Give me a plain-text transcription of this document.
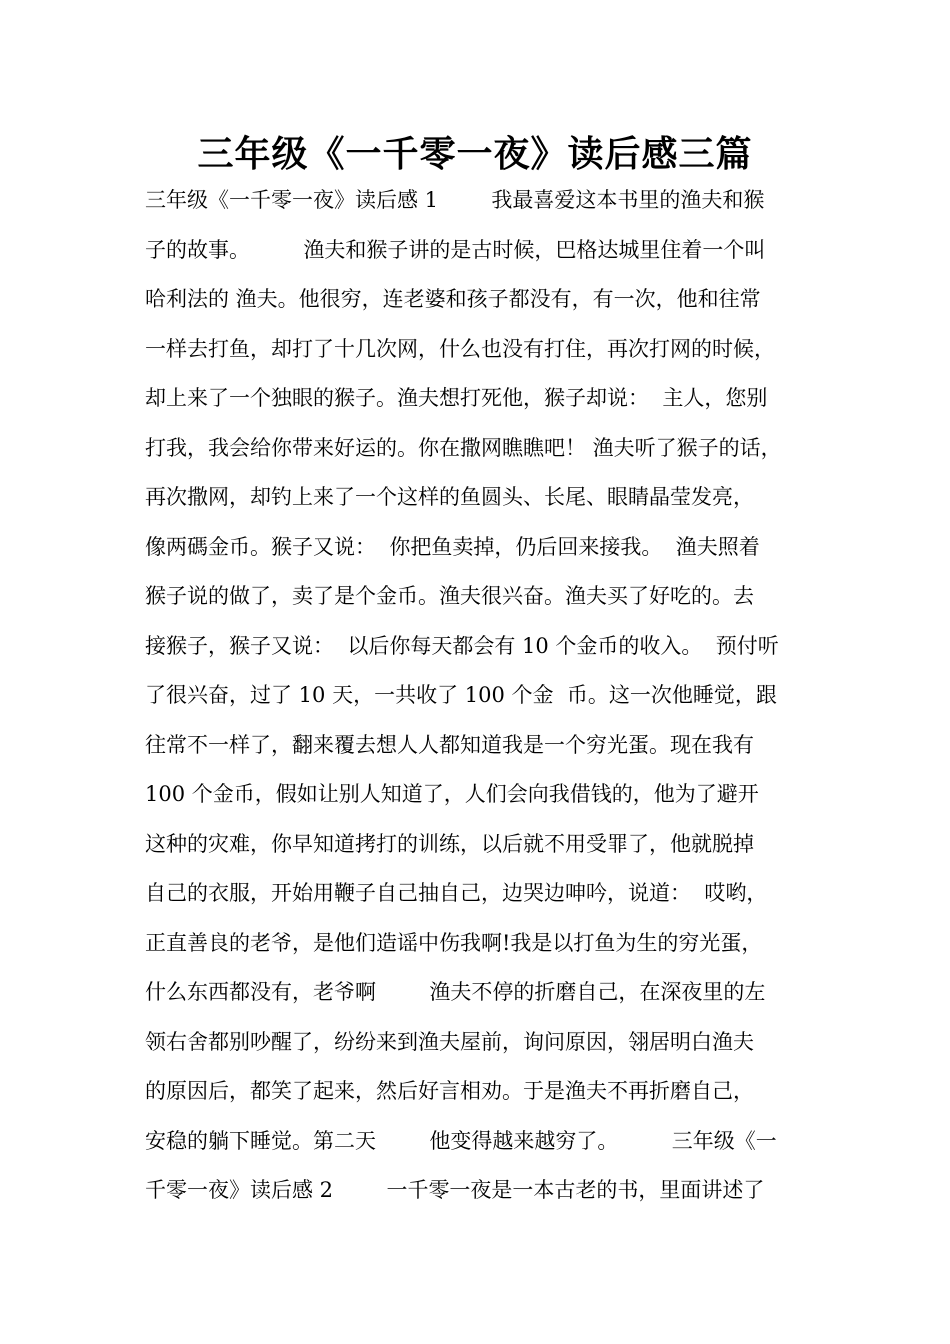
三年级《一千零一夜》读后感三篇
三年级《一千零一夜》读后感 1        我最喜爱这本书里的渔夫和猴
子的故事。        渔夫和猴子讲的是古时候，巴格达城里住着一个叫
哈利法的 渔夫。他很穷，连老婆和孩子都没有，有一次，他和往常
一样去打鱼，却打了十几次网，什么也没有打住，再次打网的时候，
却上来了一个独眼的猴子。渔夫想打死他，猴子却说：  主人，您别
打我，我会给你带来好运的。你在撒网瞧瞧吧！ 渔夫听了猴子的话，
再次撒网，却钓上来了一个这样的鱼圆头、长尾、眼睛晶莹发亮，
像两碼金币。猴子又说：  你把鱼卖掉，仍后回来接我。  渔夫照着
猴子说的做了，卖了是个金币。渔夫很兴奋。渔夫买了好吃的。去
接猴子，猴子又说：  以后你每天都会有 10 个金币的收入。  预付听
了很兴奋，过了 10 天，一共收了 100 个金  币。这一次他睡觉，跟
往常不一样了，翻来覆去想人人都知道我是一个穷光蛋。现在我有
100 个金币，假如让别人知道了，人们会向我借钱的，他为了避开
这种的灾难，你早知道拷打的训练，以后就不用受罪了，他就脱掉
自己的衣服，开始用鞭子自己抽自己，边哭边呻吟，说道：  哎哟，
正直善良的老爷，是他们造谣中伤我啊!我是以打鱼为生的穷光蛋，
什么东西都没有，老爷啊        渔夫不停的折磨自己，在深夜里的左
领右舍都别吵醒了，纷纷来到渔夫屋前，询问原因，翎居明白渔夫
的原因后，都笑了起来，然后好言相劝。于是渔夫不再折磨自己，
安稳的躺下睡觉。第二天        他变得越来越穷了。        三年级《一
千零一夜》读后感 2        一千零一夜是一本古老的书，里面讲述了
